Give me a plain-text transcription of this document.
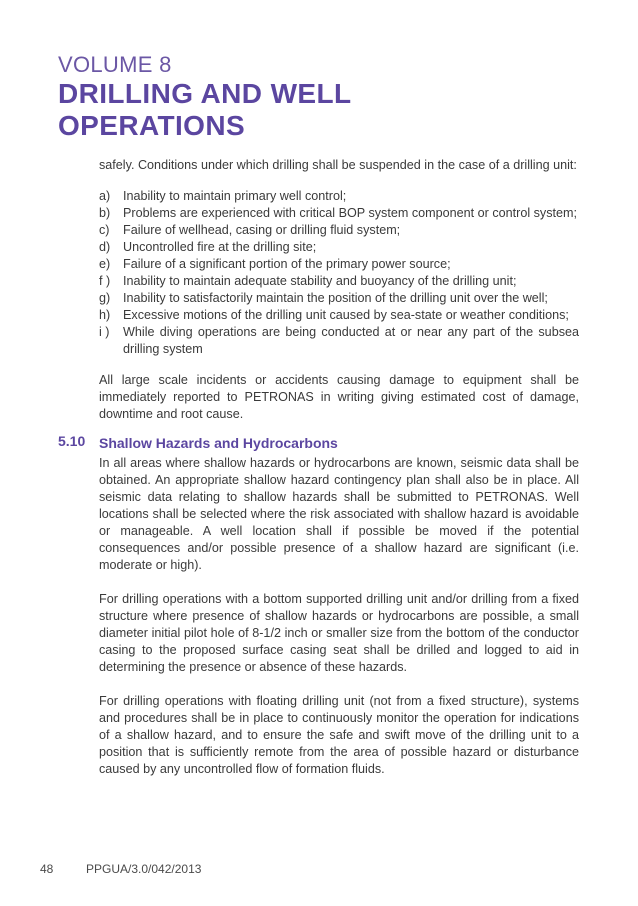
VOLUME 8
DRILLING AND WELL
OPERATIONS

safely. Conditions under which drilling shall be suspended in the case of a drilling unit:

a)	Inability to maintain primary well control;
b)	Problems are experienced with critical BOP system component or control system;
c)	Failure of wellhead, casing or drilling fluid system;
d)	Uncontrolled fire at the drilling site;
e)	Failure of a significant portion of the primary power source;
f )	Inability to maintain adequate stability and buoyancy of the drilling unit;
g)	Inability to satisfactorily maintain the position of the drilling unit over the well;
h)	Excessive motions of the drilling unit caused by sea-state or weather conditions;
i )	While diving operations are being conducted at or near any part of the subsea drilling system

All large scale incidents or accidents causing damage to equipment shall be immediately reported to PETRONAS in writing giving estimated cost of damage, downtime and root cause.

5.10 Shallow Hazards and Hydrocarbons

In all areas where shallow hazards or hydrocarbons are known, seismic data shall be obtained. An appropriate shallow hazard contingency plan shall also be in place. All seismic data relating to shallow hazards shall be submitted to PETRONAS. Well locations shall be selected where the risk associated with shallow hazard is avoidable or manageable. A well location shall if possible be moved if the potential consequences and/or possible presence of a shallow hazard are significant (i.e. moderate or high).

For drilling operations with a bottom supported drilling unit and/or drilling from a fixed structure where presence of shallow hazards or hydrocarbons are possible, a small diameter initial pilot hole of 8-1/2 inch or smaller size from the bottom of the conductor casing to the proposed surface casing seat shall be drilled and logged to aid in determining the presence or absence of these hazards.

For drilling operations with floating drilling unit (not from a fixed structure), systems and procedures shall be in place to continuously monitor the operation for indications of a shallow hazard, and to ensure the safe and swift move of the drilling unit to a position that is sufficiently remote from the area of possible hazard or disturbance caused by any uncontrolled flow of formation fluids.

48	PPGUA/3.0/042/2013
